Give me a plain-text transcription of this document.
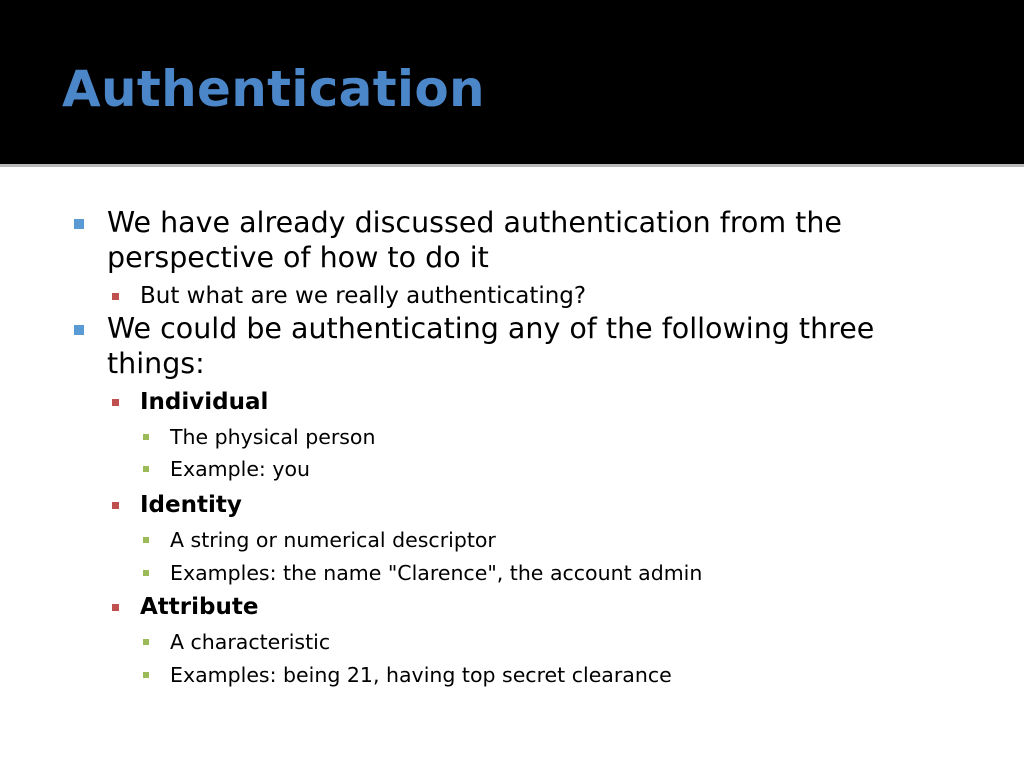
Authentication
We have already discussed authentication from the
perspective of how to do it
But what are we really authenticating?
We could be authenticating any of the following three
things:
Individual
The physical person
Example: you
Identity
A string or numerical descriptor
Examples: the name "Clarence", the account admin
Attribute
A characteristic
Examples: being 21, having top secret clearance
